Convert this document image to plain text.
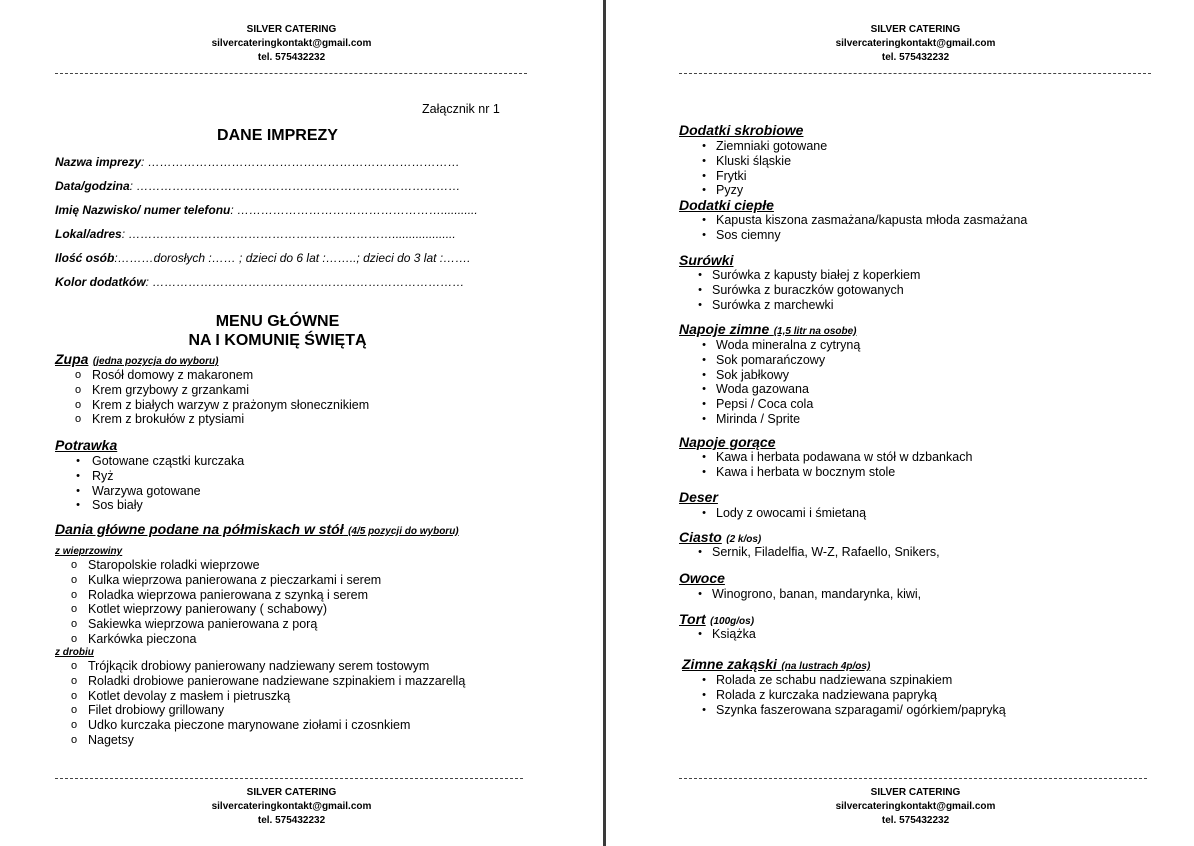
SILVER CATERING
silvercateringkontakt@gmail.com
tel. 575432232
Załącznik nr 1
DANE IMPREZY
Nazwa imprezy: ……………………………………………………………………
Data/godzina: ………………………………………………………………………
Imię Nazwisko/ numer telefonu: ……………………………………………...........
Lokal/adres: …………………………………………………………...................
Ilość osób:………dorosłych :…… ; dzieci do 6 lat :……..; dzieci do 3 lat :…….
Kolor dodatków: ……………………………………………………………………
MENU GŁÓWNE
NA I KOMUNIĘ ŚWIĘTĄ
Zupa (jedna pozycja do wyboru)
o Rosół domowy z makaronem
o Krem grzybowy z grzankami
o Krem z białych warzyw z prażonym słonecznikiem
o Krem z brokułów z ptysiami
Potrawka
• Gotowane cząstki kurczaka
• Ryż
• Warzywa gotowane
• Sos biały
Dania główne podane na półmiskach w stół (4/5 pozycji do wyboru)
z wieprzowiny
o Staropolskie roladki wieprzowe
o Kulka wieprzowa panierowana z pieczarkami i serem
o Roladka wieprzowa panierowana z szynką i serem
o Kotlet wieprzowy panierowany ( schabowy)
o Sakiewka wieprzowa panierowana z porą
o Karkówka pieczona
z drobiu
o Trójkącik drobiowy panierowany nadziewany serem tostowym
o Roladki drobiowe panierowane nadziewane szpinakiem i mazzarellą
o Kotlet devolay z masłem i pietruszką
o Filet drobiowy grillowany
o Udko kurczaka pieczone marynowane ziołami i czosnkiem
o Nagetsy
SILVER CATERING
silvercateringkontakt@gmail.com
tel. 575432232
SILVER CATERING
silvercateringkontakt@gmail.com
tel. 575432232
Dodatki skrobiowe
• Ziemniaki gotowane
• Kluski śląskie
• Frytki
• Pyzy
Dodatki ciepłe
• Kapusta kiszona zasmażana/kapusta młoda zasmażana
• Sos ciemny
Surówki
• Surówka z kapusty białej z koperkiem
• Surówka z buraczków gotowanych
• Surówka z marchewki
Napoje zimne (1,5 litr na osobe)
• Woda mineralna z cytryną
• Sok pomarańczowy
• Sok jabłkowy
• Woda gazowana
• Pepsi / Coca cola
• Mirinda / Sprite
Napoje gorące
• Kawa i herbata podawana w stół w dzbankach
• Kawa i herbata w bocznym stole
Deser
• Lody z owocami i śmietaną
Ciasto (2 k/os)
• Sernik, Filadelfia, W-Z, Rafaello, Snikers,
Owoce
• Winogrono, banan, mandarynka, kiwi,
Tort (100g/os)
• Książka
Zimne zakąski (na lustrach 4p/os)
• Rolada ze schabu nadziewana szpinakiem
• Rolada z kurczaka nadziewana papryką
• Szynka faszerowana szparagami/ ogórkiem/papryką
SILVER CATERING
silvercateringkontakt@gmail.com
tel. 575432232
